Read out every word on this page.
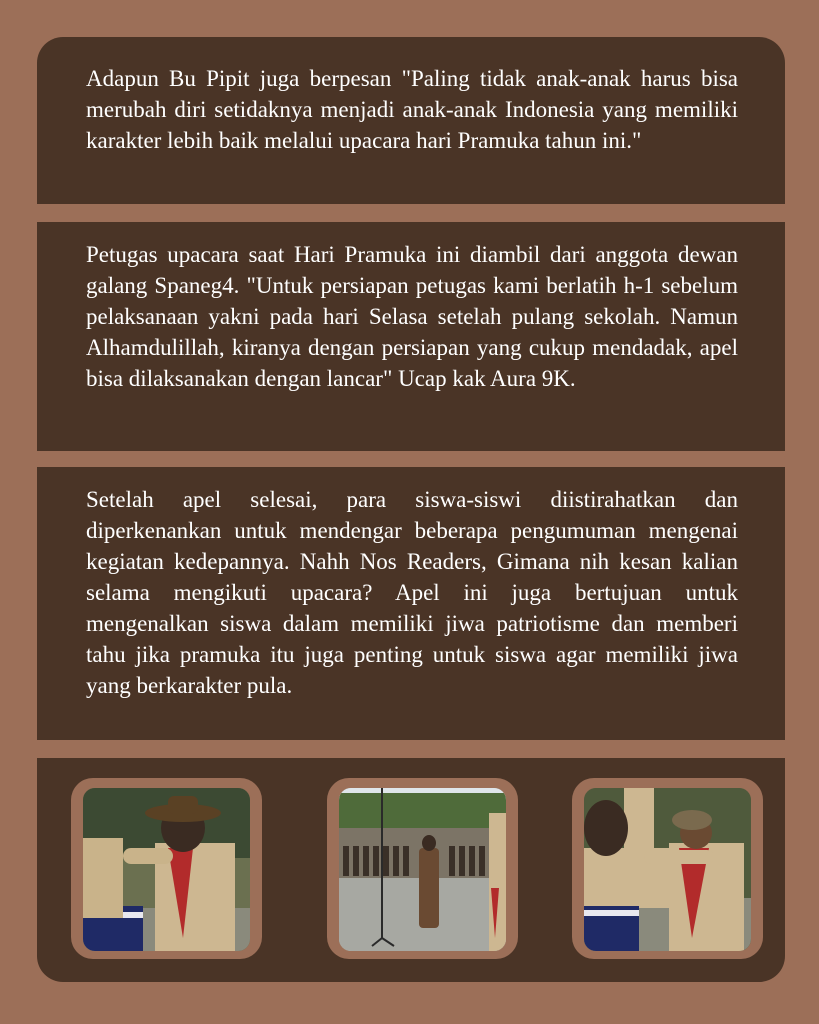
Adapun Bu Pipit juga berpesan "Paling tidak anak-anak harus bisa merubah diri setidaknya menjadi anak-anak Indonesia yang memiliki karakter lebih baik melalui upacara hari Pramuka tahun ini."

Petugas upacara saat Hari Pramuka ini diambil dari anggota dewan galang Spaneg4. "Untuk persiapan petugas kami berlatih h-1 sebelum pelaksanaan yakni pada hari Selasa setelah pulang sekolah. Namun Alhamdulillah, kiranya dengan persiapan yang cukup mendadak, apel bisa dilaksanakan dengan lancar" Ucap kak Aura 9K.

Setelah apel selesai, para siswa-siswi diistirahatkan dan diperkenankan untuk mendengar beberapa pengumuman mengenai kegiatan kedepannya. Nahh Nos Readers, Gimana nih kesan kalian selama mengikuti upacara? Apel ini juga bertujuan untuk mengenalkan siswa dalam memiliki jiwa patriotisme dan memberi tahu jika pramuka itu juga penting untuk siswa agar memiliki jiwa yang berkarakter pula.
